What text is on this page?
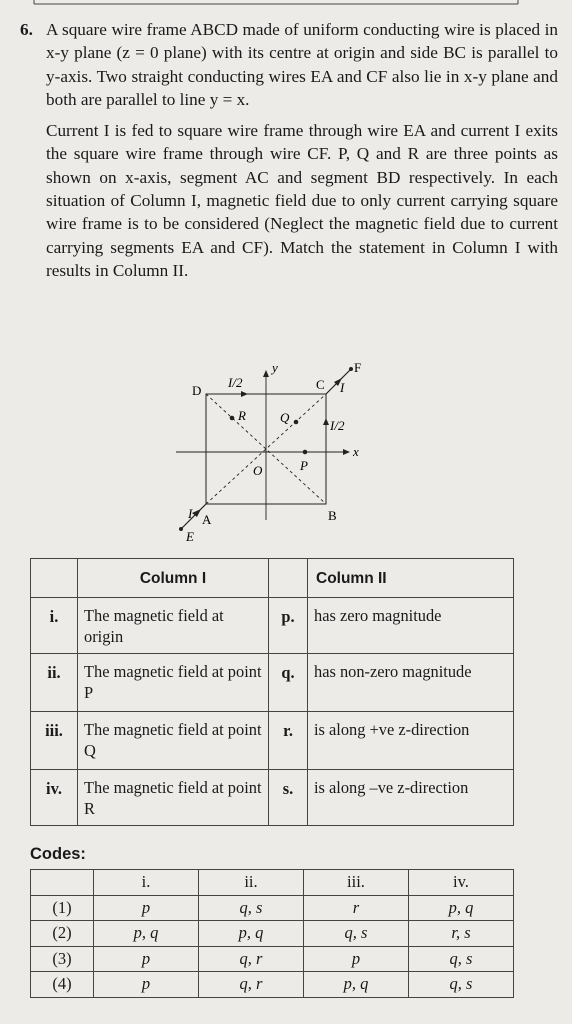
6. A square wire frame ABCD made of uniform conducting wire is placed in x-y plane (z = 0 plane) with its centre at origin and side BC is parallel to y-axis. Two straight conducting wires EA and CF also lie in x-y plane and both are parallel to line y = x.

Current I is fed to square wire frame through wire EA and current I exits the square wire frame through wire CF. P, Q and R are three points as shown on x-axis, segment AC and segment BD respectively. In each situation of Column I, magnetic field due to only current carrying square wire frame is to be considered (Neglect the magnetic field due to current carrying segments EA and CF). Match the statement in Column I with results in Column II.

y
x
D
I/2	C I
F
I/2
R	Q
O	P
I A	B
E
	Column I		Column II
i.	The magnetic field at origin	p.	has zero magnitude
ii.	The magnetic field at point P	q.	has non-zero magnitude
iii.	The magnetic field at point Q	r.	is along +ve z-direction
iv.	The magnetic field at point R	s.	is along –ve z-direction
Codes:
	i.	ii.	iii.	iv.
(1)	p	q, s	r	p, q
(2)	p, q	p, q	q, s	r, s
(3)	p	q, r	p	q, s
(4)	p	q, r	p, q	q, s
